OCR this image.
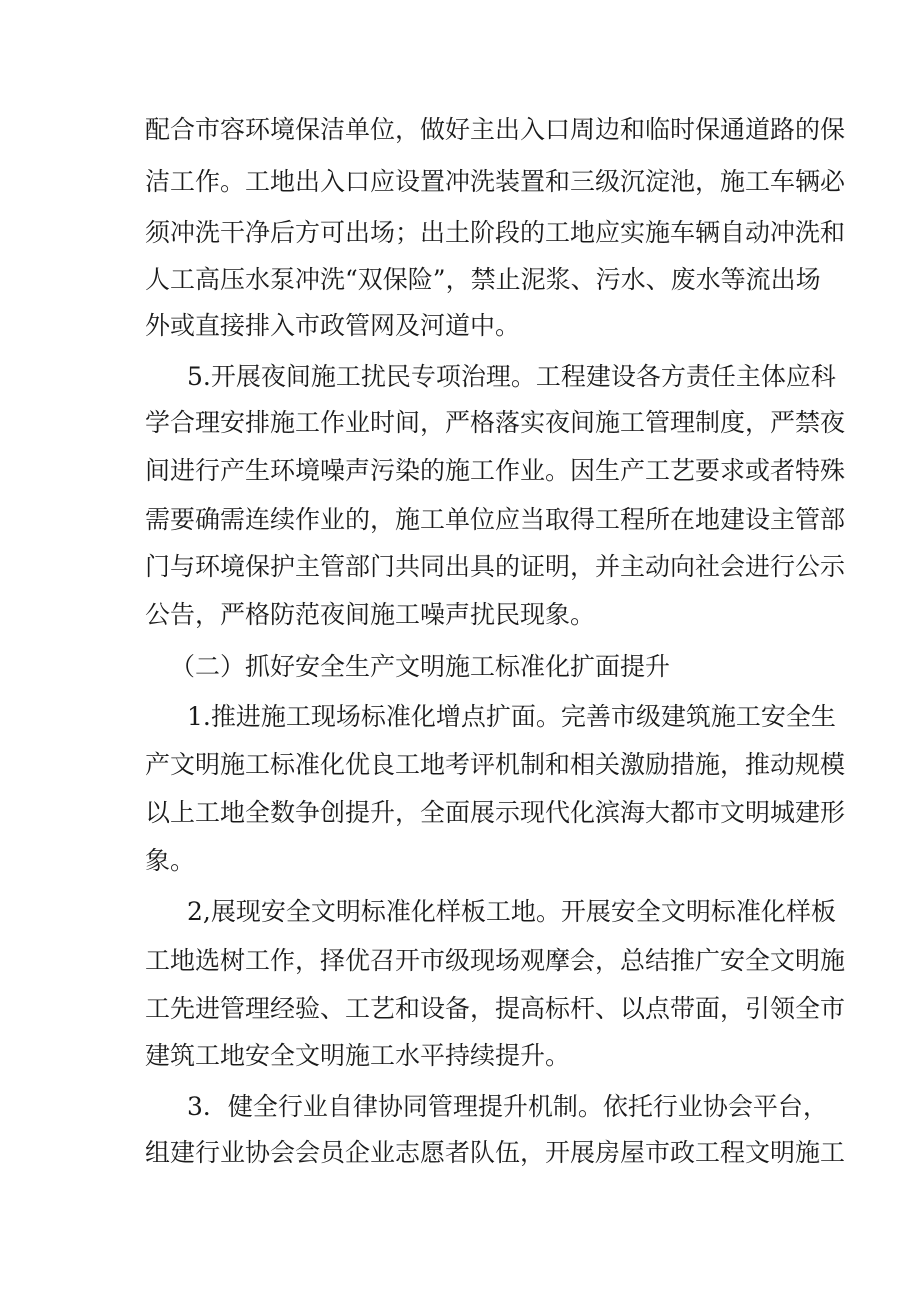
配合市容环境保洁单位，做好主出入口周边和临时保通道路的保
洁工作。工地出入口应设置冲洗装置和三级沉淀池，施工车辆必
须冲洗干净后方可出场；出土阶段的工地应实施车辆自动冲洗和
人工高压水泵冲洗“双保险”，禁止泥浆、污水、废水等流出场
外或直接排入市政管网及河道中。
5.开展夜间施工扰民专项治理。工程建设各方责任主体应科
学合理安排施工作业时间，严格落实夜间施工管理制度，严禁夜
间进行产生环境噪声污染的施工作业。因生产工艺要求或者特殊
需要确需连续作业的，施工单位应当取得工程所在地建设主管部
门与环境保护主管部门共同出具的证明，并主动向社会进行公示
公告，严格防范夜间施工噪声扰民现象。
（二）抓好安全生产文明施工标准化扩面提升
1.推进施工现场标准化增点扩面。完善市级建筑施工安全生
产文明施工标准化优良工地考评机制和相关激励措施，推动规模
以上工地全数争创提升，全面展示现代化滨海大都市文明城建形
象。
2,展现安全文明标准化样板工地。开展安全文明标准化样板
工地选树工作，择优召开市级现场观摩会，总结推广安全文明施
工先进管理经验、工艺和设备，提高标杆、以点带面，引领全市
建筑工地安全文明施工水平持续提升。
3．健全行业自律协同管理提升机制。依托行业协会平台，
组建行业协会会员企业志愿者队伍，开展房屋市政工程文明施工
